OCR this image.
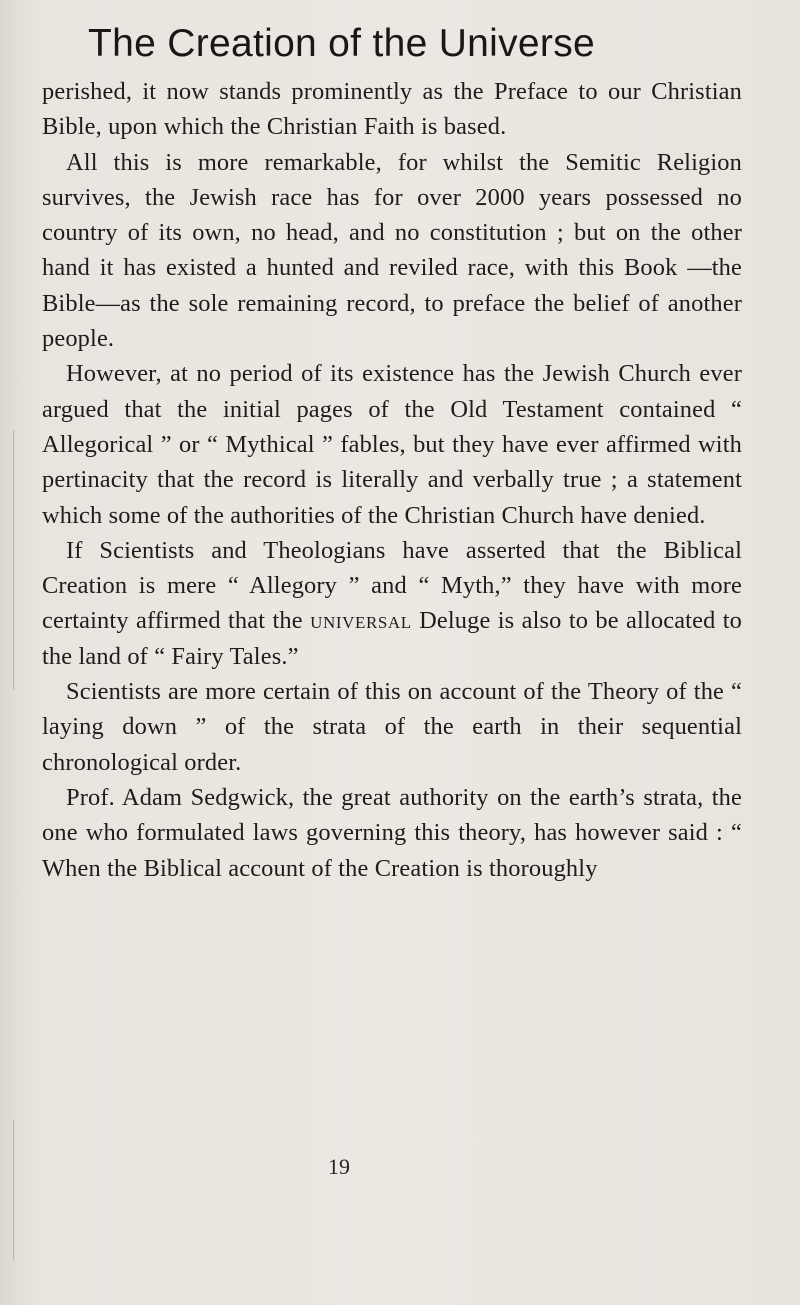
The Creation of the Universe

perished, it now stands prominently as the Preface to our Christian Bible, upon which the Christian Faith is based.

All this is more remarkable, for whilst the Semitic Religion survives, the Jewish race has for over 2000 years possessed no country of its own, no head, and no constitution ; but on the other hand it has existed a hunted and reviled race, with this Book —the Bible—as the sole remaining record, to preface the belief of another people.

However, at no period of its existence has the Jewish Church ever argued that the initial pages of the Old Testament contained “ Allegorical ” or “ Mythical ” fables, but they have ever affirmed with pertinacity that the record is literally and verbally true ; a statement which some of the authorities of the Christian Church have denied.

If Scientists and Theologians have asserted that the Biblical Creation is mere “ Allegory ” and “ Myth,” they have with more certainty affirmed that the universal Deluge is also to be allocated to the land of “ Fairy Tales.”

Scientists are more certain of this on account of the Theory of the “ laying down ” of the strata of the earth in their sequential chronological order.

Prof. Adam Sedgwick, the great authority on the earth’s strata, the one who formulated laws governing this theory, has however said : “ When the Biblical account of the Creation is thoroughly

19
